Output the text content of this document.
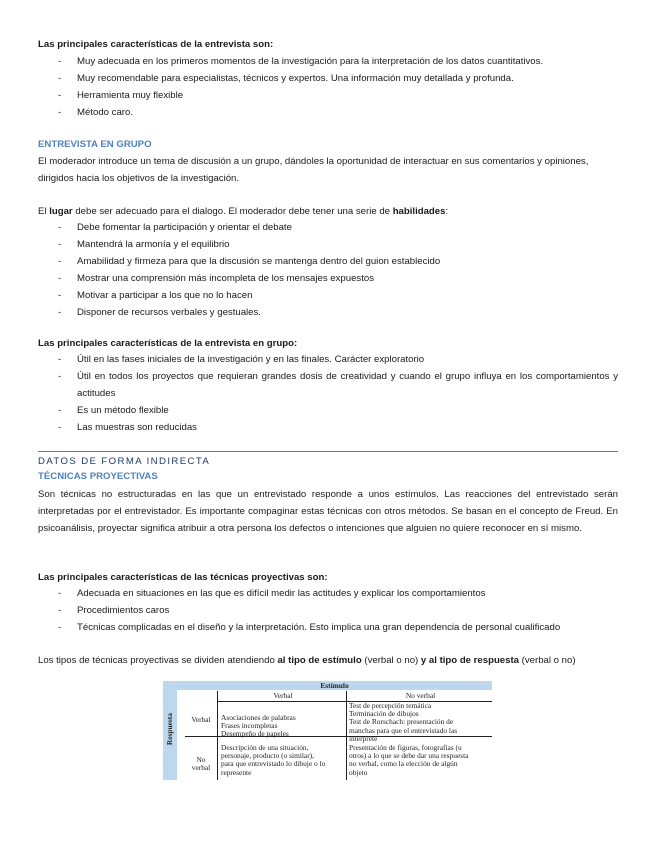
Las principales características de la entrevista son:
- Muy adecuada en los primeros momentos de la investigación para la interpretación de los datos cuantitativos.
- Muy recomendable para especialistas, técnicos y expertos. Una información muy detallada y profunda.
- Herramienta muy flexible
- Método caro.
ENTREVISTA EN GRUPO
El moderador introduce un tema de discusión a un grupo, dándoles la oportunidad de interactuar en sus comentarios y opiniones, dirigidos hacia los objetivos de la investigación.
El lugar debe ser adecuado para el dialogo. El moderador debe tener una serie de habilidades:
- Debe fomentar la participación y orientar el debate
- Mantendrá la armonía y el equilibrio
- Amabilidad y firmeza para que la discusión se mantenga dentro del guion establecido
- Mostrar una comprensión más incompleta de los mensajes expuestos
- Motivar a participar a los que no lo hacen
- Disponer de recursos verbales y gestuales.
Las principales características de la entrevista en grupo:
- Útil en las fases iniciales de la investigación y en las finales. Carácter exploratorio
- Útil en todos los proyectos que requieran grandes dosis de creatividad y cuando el grupo influya en los comportamientos y actitudes
- Es un método flexible
- Las muestras son reducidas
DATOS DE FORMA INDIRECTA
TÉCNICAS PROYECTIVAS
Son técnicas no estructuradas en las que un entrevistado responde a unos estímulos. Las reacciones del entrevistado serán interpretadas por el entrevistador. Es importante compaginar estas técnicas con otros métodos. Se basan en el concepto de Freud. En psicoanálisis, proyectar significa atribuir a otra persona los defectos o intenciones que alguien no quiere reconocer en sí mismo.
Las principales características de las técnicas proyectivas son:
- Adecuada en situaciones en las que es difícil medir las actitudes y explicar los comportamientos
- Procedimientos caros
- Técnicas complicadas en el diseño y la interpretación. Esto implica una gran dependencia de personal cualificado
Los tipos de técnicas proyectivas se dividen atendiendo al tipo de estímulo (verbal o no) y al tipo de respuesta (verbal o no)
Respuesta
Estímulo
Verbal	No verbal
Verbal
No
verbal
Asociaciones de palabras
Frases incompletas
Desempeño de papeles
Test de percepción temática
Terminación de dibujos
Test de Rorschach: presentación de
manchas para que el entrevistado las
interprete
Descripción de una situación,
personaje, producto (o similar),
para que entrevistado lo dibuje o lo
represente
Presentación de figuras, fotografías (u
otros) a lo que se debe dar una respuesta
no verbal, como la elección de algún
objeto
